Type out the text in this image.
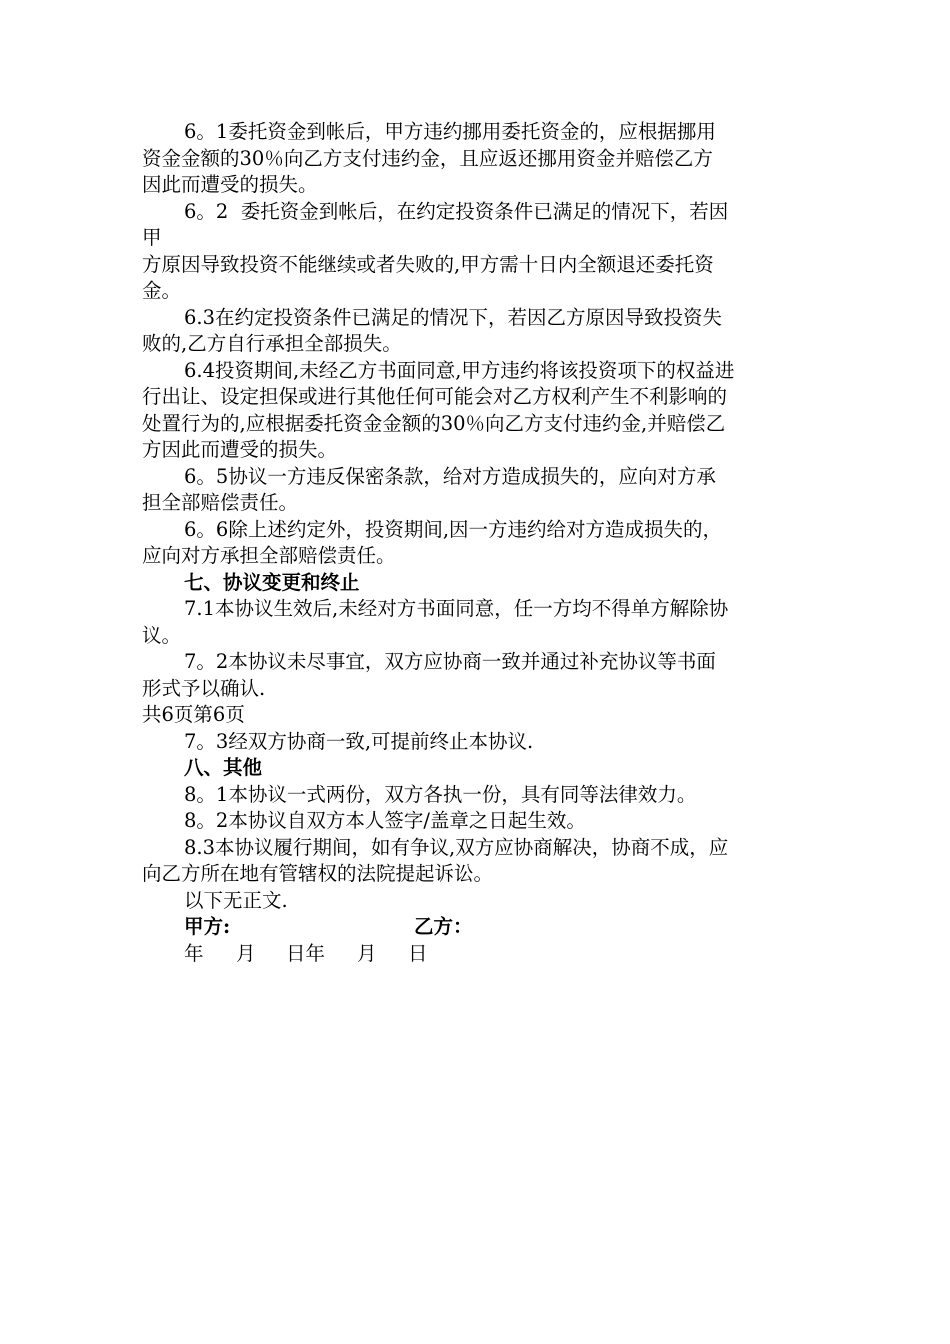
6。1委托资金到帐后，甲方违约挪用委托资金的，应根据挪用
资金金额的30％向乙方支付违约金，且应返还挪用资金并赔偿乙方
因此而遭受的损失。
6。2  委托资金到帐后，在约定投资条件已满足的情况下，若因
甲
方原因导致投资不能继续或者失败的,甲方需十日内全额退还委托资
金。
6.3在约定投资条件已满足的情况下，若因乙方原因导致投资失
败的,乙方自行承担全部损失。
6.4投资期间,未经乙方书面同意,甲方违约将该投资项下的权益进
行出让、设定担保或进行其他任何可能会对乙方权利产生不利影响的
处置行为的,应根据委托资金金额的30％向乙方支付违约金,并赔偿乙
方因此而遭受的损失。
6。5协议一方违反保密条款，给对方造成损失的，应向对方承
担全部赔偿责任。
6。6除上述约定外，投资期间,因一方违约给对方造成损失的，
应向对方承担全部赔偿责任。
七、协议变更和终止
7.1本协议生效后,未经对方书面同意，任一方均不得单方解除协
议。
7。2本协议未尽事宜，双方应协商一致并通过补充协议等书面
形式予以确认.
共6页第6页
7。3经双方协商一致,可提前终止本协议.
八、其他
8。1本协议一式两份，双方各执一份，具有同等法律效力。
8。2本协议自双方本人签字/盖章之日起生效。
8.3本协议履行期间，如有争议,双方应协商解决，协商不成，应
向乙方所在地有管辖权的法院提起诉讼。
以下无正文.
甲方:	乙方：
年 月 日年 月 日
